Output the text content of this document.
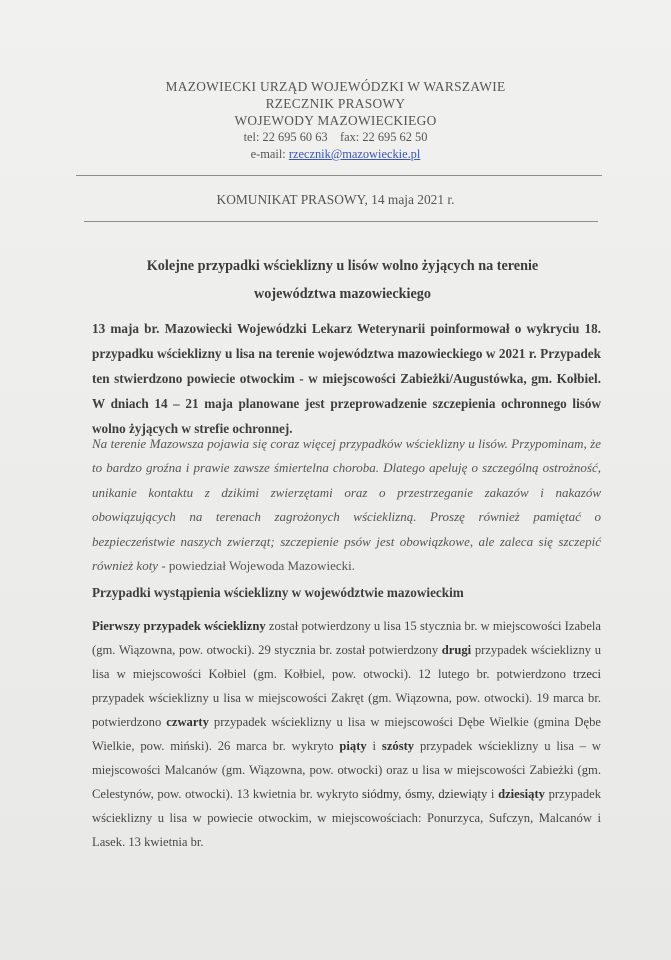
MAZOWIECKI URZĄD WOJEWÓDZKI W WARSZAWIE
RZECZNIK PRASOWY
WOJEWODY MAZOWIECKIEGO
tel: 22 695 60 63    fax: 22 695 62 50
e-mail: rzecznik@mazowieckie.pl
KOMUNIKAT PRASOWY, 14 maja 2021 r.
Kolejne przypadki wścieklizny u lisów wolno żyjących na terenie
województwa mazowieckiego
13 maja br. Mazowiecki Wojewódzki Lekarz Weterynarii poinformował o wykryciu 18. przypadku wścieklizny u lisa na terenie województwa mazowieckiego w 2021 r. Przypadek ten stwierdzono powiecie otwockim - w miejscowości Zabieżki/Augustówka, gm. Kołbiel. W dniach 14 – 21 maja planowane jest przeprowadzenie szczepienia ochronnego lisów wolno żyjących w strefie ochronnej.
Na terenie Mazowsza pojawia się coraz więcej przypadków wścieklizny u lisów. Przypominam, że to bardzo groźna i prawie zawsze śmiertelna choroba. Dlatego apeluję o szczególną ostrożność, unikanie kontaktu z dzikimi zwierzętami oraz o przestrzeganie zakazów i nakazów obowiązujących na terenach zagrożonych wścieklizną. Proszę również pamiętać o bezpieczeństwie naszych zwierząt; szczepienie psów jest obowiązkowe, ale zaleca się szczepić również koty - powiedział Wojewoda Mazowiecki.
Przypadki wystąpienia wścieklizny w województwie mazowieckim
Pierwszy przypadek wścieklizny został potwierdzony u lisa 15 stycznia br. w miejscowości Izabela (gm. Wiązowna, pow. otwocki). 29 stycznia br. został potwierdzony drugi przypadek wścieklizny u lisa w miejscowości Kołbiel (gm. Kołbiel, pow. otwocki). 12 lutego br. potwierdzono trzeci przypadek wścieklizny u lisa w miejscowości Zakręt (gm. Wiązowna, pow. otwocki). 19 marca br. potwierdzono czwarty przypadek wścieklizny u lisa w miejscowości Dębe Wielkie (gmina Dębe Wielkie, pow. miński). 26 marca br. wykryto piąty i szósty przypadek wścieklizny u lisa – w miejscowości Malcanów (gm. Wiązowna, pow. otwocki) oraz u lisa w miejscowości Zabieżki (gm. Celestynów, pow. otwocki). 13 kwietnia br. wykryto siódmy, ósmy, dziewiąty i dziesiąty przypadek wścieklizny u lisa w powiecie otwockim, w miejscowościach: Ponurzyca, Sufczyn, Malcanów i Lasek. 13 kwietnia br.
